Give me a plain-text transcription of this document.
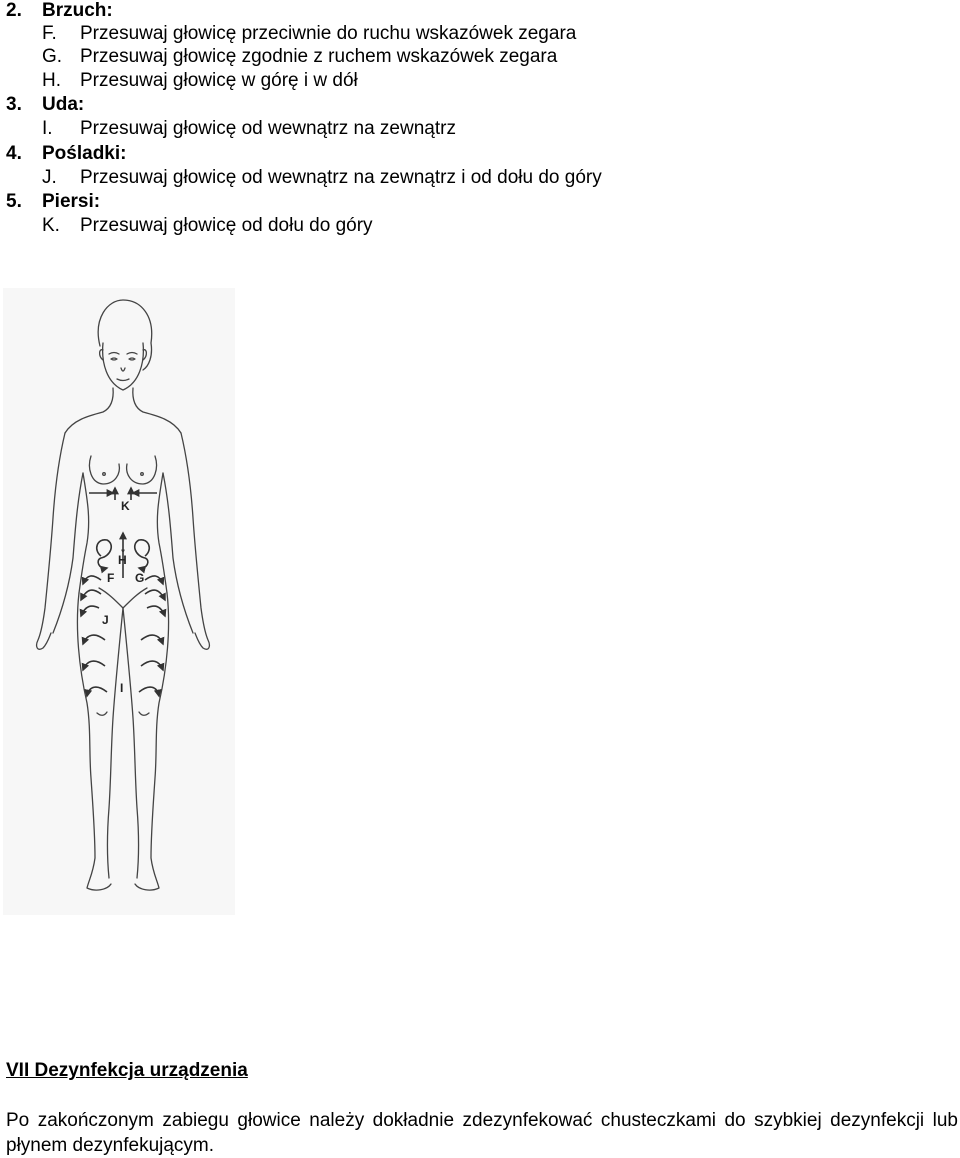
2. Brzuch:
F. Przesuwaj głowicę przeciwnie do ruchu wskazówek zegara
G. Przesuwaj głowicę zgodnie z ruchem wskazówek zegara
H. Przesuwaj głowicę w górę i w dół
3. Uda:
I. Przesuwaj głowicę od wewnątrz na zewnątrz
4. Pośladki:
J. Przesuwaj głowicę od wewnątrz na zewnątrz i od dołu do góry
5. Piersi:
K. Przesuwaj głowicę od dołu do góry
K
H
F G
J
I
VII Dezynfekcja urządzenia
Po zakończonym zabiegu głowice należy dokładnie zdezynfekować chusteczkami do szybkiej dezynfekcji lub płynem dezynfekującym.
